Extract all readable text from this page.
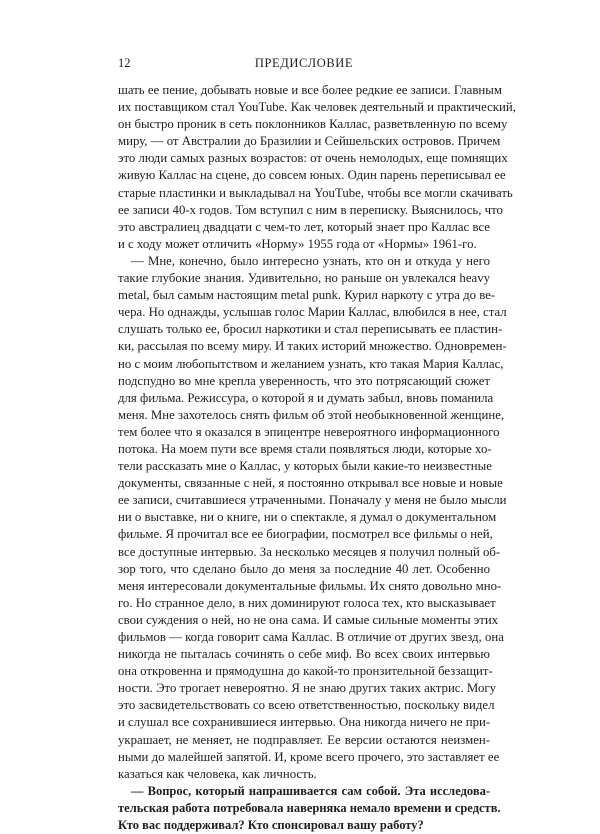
12	ПРЕДИСЛОВИЕ
шать ее пение, добывать новые и все более редкие ее записи. Главным
их поставщиком стал YouTube. Как человек деятельный и практический,
он быстро проник в сеть поклонников Каллас, разветвленную по всему
миру, — от Австралии до Бразилии и Сейшельских островов. Причем
это люди самых разных возрастов: от очень немолодых, еще помнящих
живую Каллас на сцене, до совсем юных. Один парень переписывал ее
старые пластинки и выкладывал на YouTube, чтобы все могли скачивать
ее записи 40-х годов. Том вступил с ним в переписку. Выяснилось, что
это австралиец двадцати с чем-то лет, который знает про Каллас все
и с ходу может отличить «Норму» 1955 года от «Нормы» 1961-го.
— Мне, конечно, было интересно узнать, кто он и откуда у него
такие глубокие знания. Удивительно, но раньше он увлекался heavy
metal, был самым настоящим metal punk. Курил наркоту с утра до ве-
чера. Но однажды, услышав голос Марии Каллас, влюбился в нее, стал
слушать только ее, бросил наркотики и стал переписывать ее пластин-
ки, рассылая по всему миру. И таких историй множество. Одновремен-
но с моим любопытством и желанием узнать, кто такая Мария Каллас,
подспудно во мне крепла уверенность, что это потрясающий сюжет
для фильма. Режиссура, о которой я и думать забыл, вновь поманила
меня. Мне захотелось снять фильм об этой необыкновенной женщине,
тем более что я оказался в эпицентре невероятного информационного
потока. На моем пути все время стали появляться люди, которые хо-
тели рассказать мне о Каллас, у которых были какие-то неизвестные
документы, связанные с ней, я постоянно открывал все новые и новые
ее записи, считавшиеся утраченными. Поначалу у меня не было мысли
ни о выставке, ни о книге, ни о спектакле, я думал о документальном
фильме. Я прочитал все ее биографии, посмотрел все фильмы о ней,
все доступные интервью. За несколько месяцев я получил полный об-
зор того, что сделано было до меня за последние 40 лет. Особенно
меня интересовали документальные фильмы. Их снято довольно мно-
го. Но странное дело, в них доминируют голоса тех, кто высказывает
свои суждения о ней, но не она сама. И самые сильные моменты этих
фильмов — когда говорит сама Каллас. В отличие от других звезд, она
никогда не пыталась сочинять о себе миф. Во всех своих интервью
она откровенна и прямодушна до какой-то пронзительной беззащит-
ности. Это трогает невероятно. Я не знаю других таких актрис. Могу
это засвидетельствовать со всею ответственностью, поскольку видел
и слушал все сохранившиеся интервью. Она никогда ничего не при-
украшает, не меняет, не подправляет. Ее версии остаются неизмен-
ными до малейшей запятой. И, кроме всего прочего, это заставляет ее
казаться как человека, как личность.
— Вопрос, который напрашивается сам собой. Эта исследова-
тельская работа потребовала наверняка немало времени и средств.
Кто вас поддерживал? Кто спонсировал вашу работу?
